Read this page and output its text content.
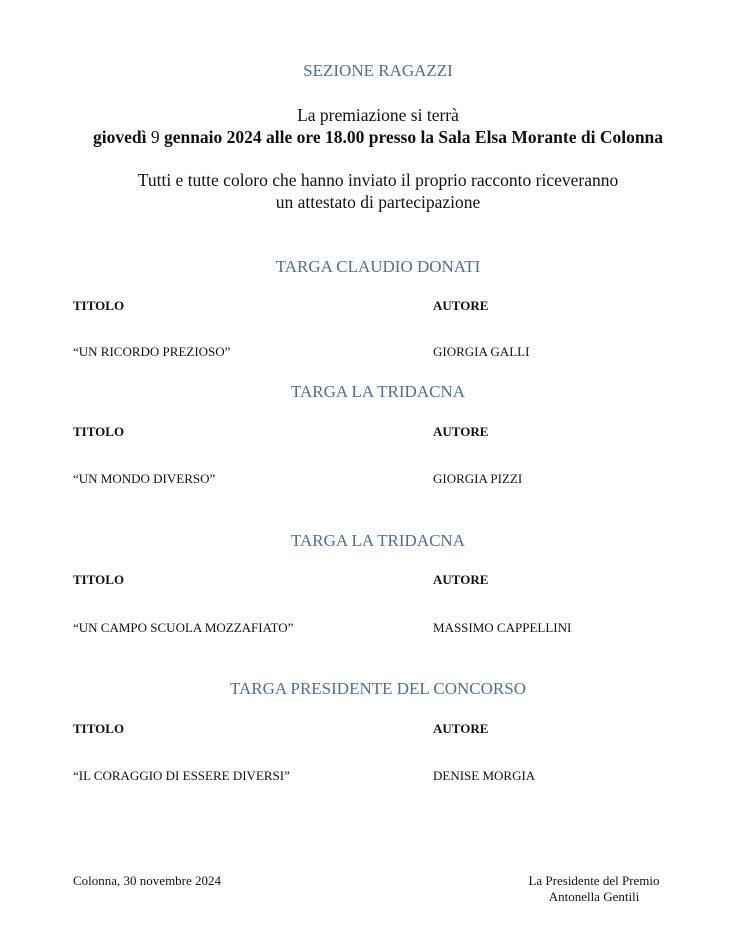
SEZIONE RAGAZZI
La premiazione si terrà
giovedì 9 gennaio 2024 alle ore 18.00 presso la Sala Elsa Morante di Colonna
Tutti e tutte coloro che hanno inviato il proprio racconto riceveranno
un attestato di partecipazione
TARGA CLAUDIO DONATI
TITOLO	AUTORE
“UN RICORDO PREZIOSO”	GIORGIA GALLI
TARGA LA TRIDACNA
TITOLO	AUTORE
“UN MONDO DIVERSO”	GIORGIA PIZZI
TARGA LA TRIDACNA
TITOLO	AUTORE
“UN CAMPO SCUOLA MOZZAFIATO”	MASSIMO CAPPELLINI
TARGA PRESIDENTE DEL CONCORSO
TITOLO	AUTORE
“IL CORAGGIO DI ESSERE DIVERSI”	DENISE MORGIA
Colonna, 30 novembre 2024	La Presidente del Premio
Antonella Gentili
